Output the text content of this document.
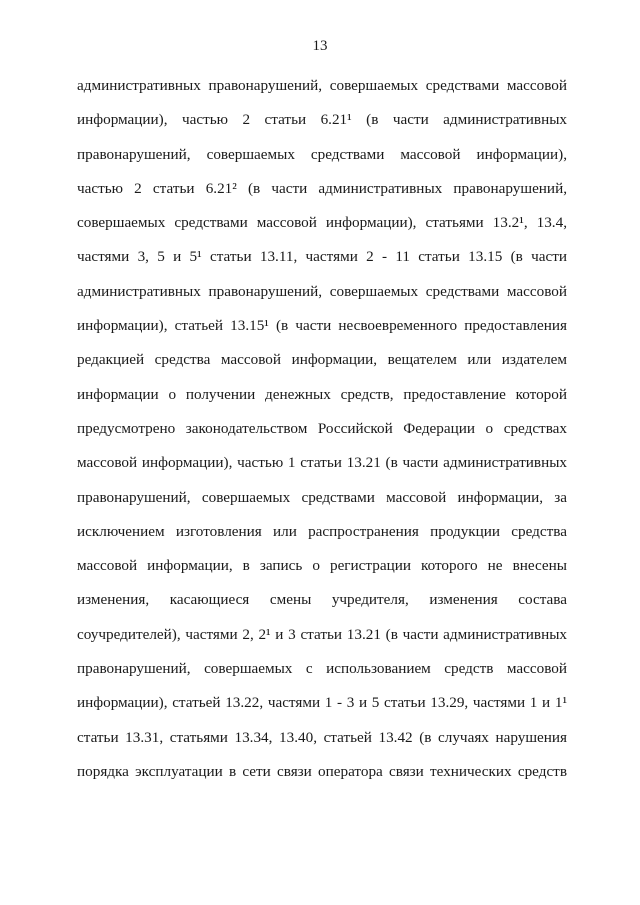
13
административных правонарушений, совершаемых средствами массовой
информации), частью 2 статьи 6.21¹ (в части административных
правонарушений, совершаемых средствами массовой информации),
частью 2 статьи 6.21² (в части административных правонарушений,
совершаемых средствами массовой информации), статьями 13.2¹, 13.4,
частями 3, 5 и 5¹ статьи 13.11, частями 2 - 11 статьи 13.15 (в части
административных правонарушений, совершаемых средствами массовой
информации), статьей 13.15¹ (в части несвоевременного предоставления
редакцией средства массовой информации, вещателем или издателем
информации о получении денежных средств, предоставление которой
предусмотрено законодательством Российской Федерации о средствах
массовой информации), частью 1 статьи 13.21 (в части административных
правонарушений, совершаемых средствами массовой информации, за
исключением изготовления или распространения продукции средства
массовой информации, в запись о регистрации которого не внесены
изменения, касающиеся смены учредителя, изменения состава
соучредителей), частями 2, 2¹ и 3 статьи 13.21 (в части административных
правонарушений, совершаемых с использованием средств массовой
информации), статьей 13.22, частями 1 - 3 и 5 статьи 13.29, частями 1 и 1¹
статьи 13.31, статьями 13.34, 13.40, статьей 13.42 (в случаях нарушения
порядка эксплуатации в сети связи оператора связи технических средств
